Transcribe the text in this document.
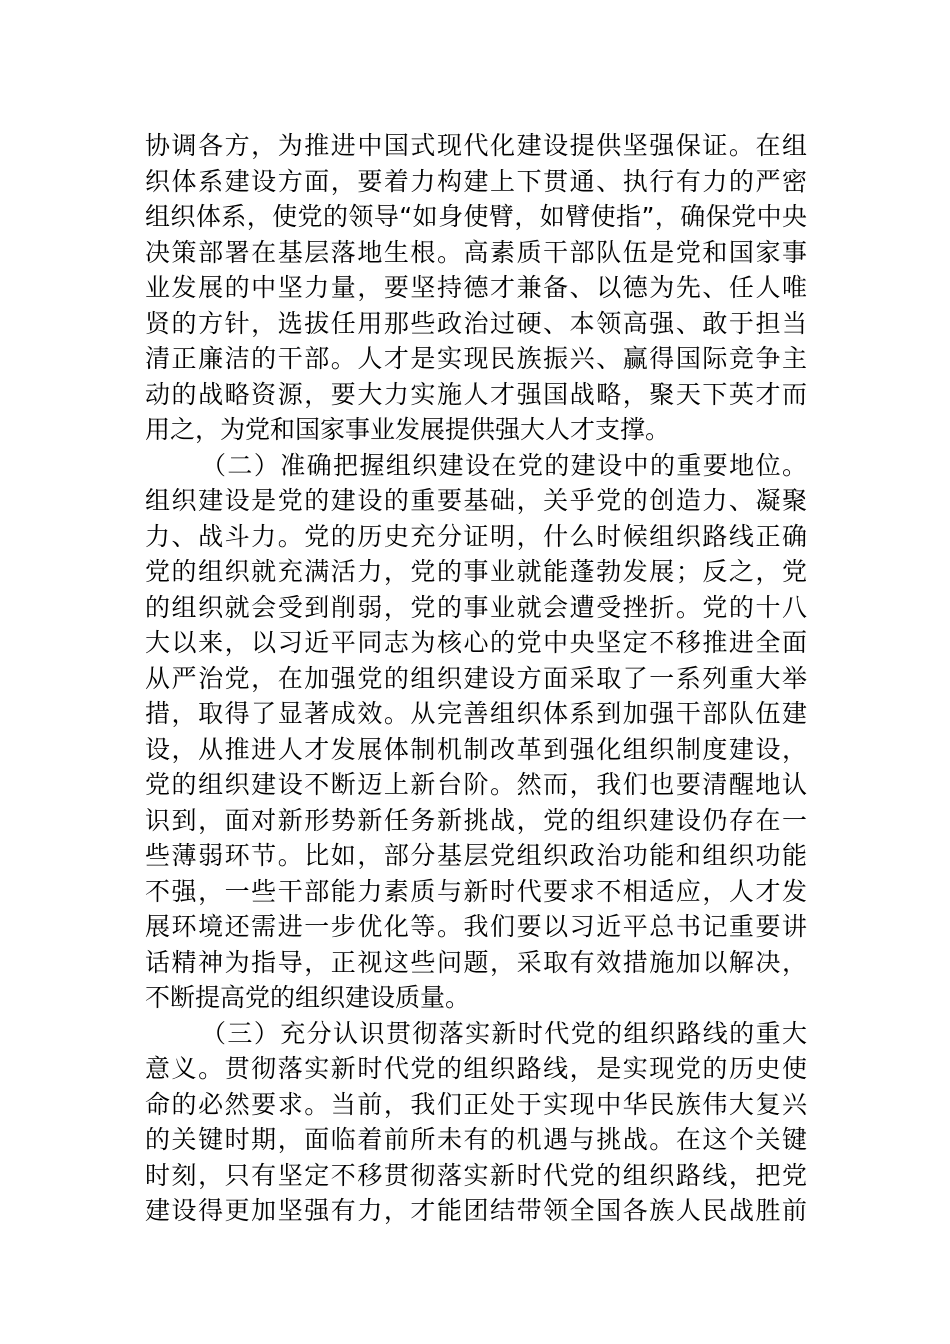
协调各方，为推进中国式现代化建设提供坚强保证。在组
织体系建设方面，要着力构建上下贯通、执行有力的严密
组织体系，使党的领导“如身使臂，如臂使指”，确保党中央
决策部署在基层落地生根。高素质干部队伍是党和国家事
业发展的中坚力量，要坚持德才兼备、以德为先、任人唯
贤的方针，选拔任用那些政治过硬、本领高强、敢于担当
清正廉洁的干部。人才是实现民族振兴、赢得国际竞争主
动的战略资源，要大力实施人才强国战略，聚天下英才而
用之，为党和国家事业发展提供强大人才支撑。
（二）准确把握组织建设在党的建设中的重要地位。
组织建设是党的建设的重要基础，关乎党的创造力、凝聚
力、战斗力。党的历史充分证明，什么时候组织路线正确
党的组织就充满活力，党的事业就能蓬勃发展；反之，党
的组织就会受到削弱，党的事业就会遭受挫折。党的十八
大以来，以习近平同志为核心的党中央坚定不移推进全面
从严治党，在加强党的组织建设方面采取了一系列重大举
措，取得了显著成效。从完善组织体系到加强干部队伍建
设，从推进人才发展体制机制改革到强化组织制度建设，
党的组织建设不断迈上新台阶。然而，我们也要清醒地认
识到，面对新形势新任务新挑战，党的组织建设仍存在一
些薄弱环节。比如，部分基层党组织政治功能和组织功能
不强，一些干部能力素质与新时代要求不相适应，人才发
展环境还需进一步优化等。我们要以习近平总书记重要讲
话精神为指导，正视这些问题，采取有效措施加以解决，
不断提高党的组织建设质量。
（三）充分认识贯彻落实新时代党的组织路线的重大
意义。贯彻落实新时代党的组织路线，是实现党的历史使
命的必然要求。当前，我们正处于实现中华民族伟大复兴
的关键时期，面临着前所未有的机遇与挑战。在这个关键
时刻，只有坚定不移贯彻落实新时代党的组织路线，把党
建设得更加坚强有力，才能团结带领全国各族人民战胜前
